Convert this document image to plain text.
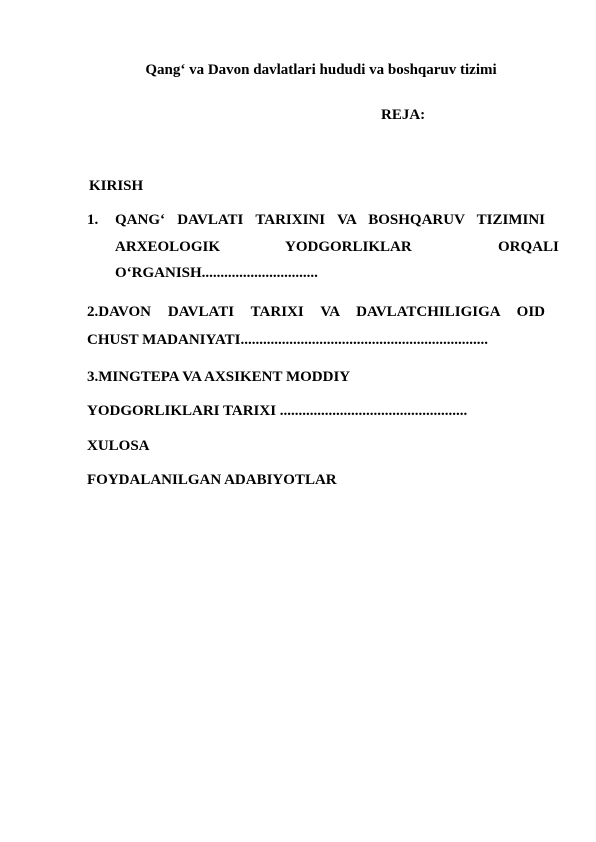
Qang‘ va Davon davlatlari hududi va boshqaruv tizimi
REJA:
KIRISH
1. QANG‘ DAVLATI TARIXINI VA BOSHQARUV TIZIMINI
ARXEOLOGIK	YODGORLIKLAR	ORQALI
O‘RGANISH...............................
2.DAVON DAVLATI TARIXI VA DAVLATCHILIGIGA OID
CHUST MADANIYATI..................................................................
3.MINGTEPA VA AXSIKENT MODDIY
YODGORLIKLARI TARIXI ..................................................
XULOSA
FOYDALANILGAN ADABIYOTLAR
